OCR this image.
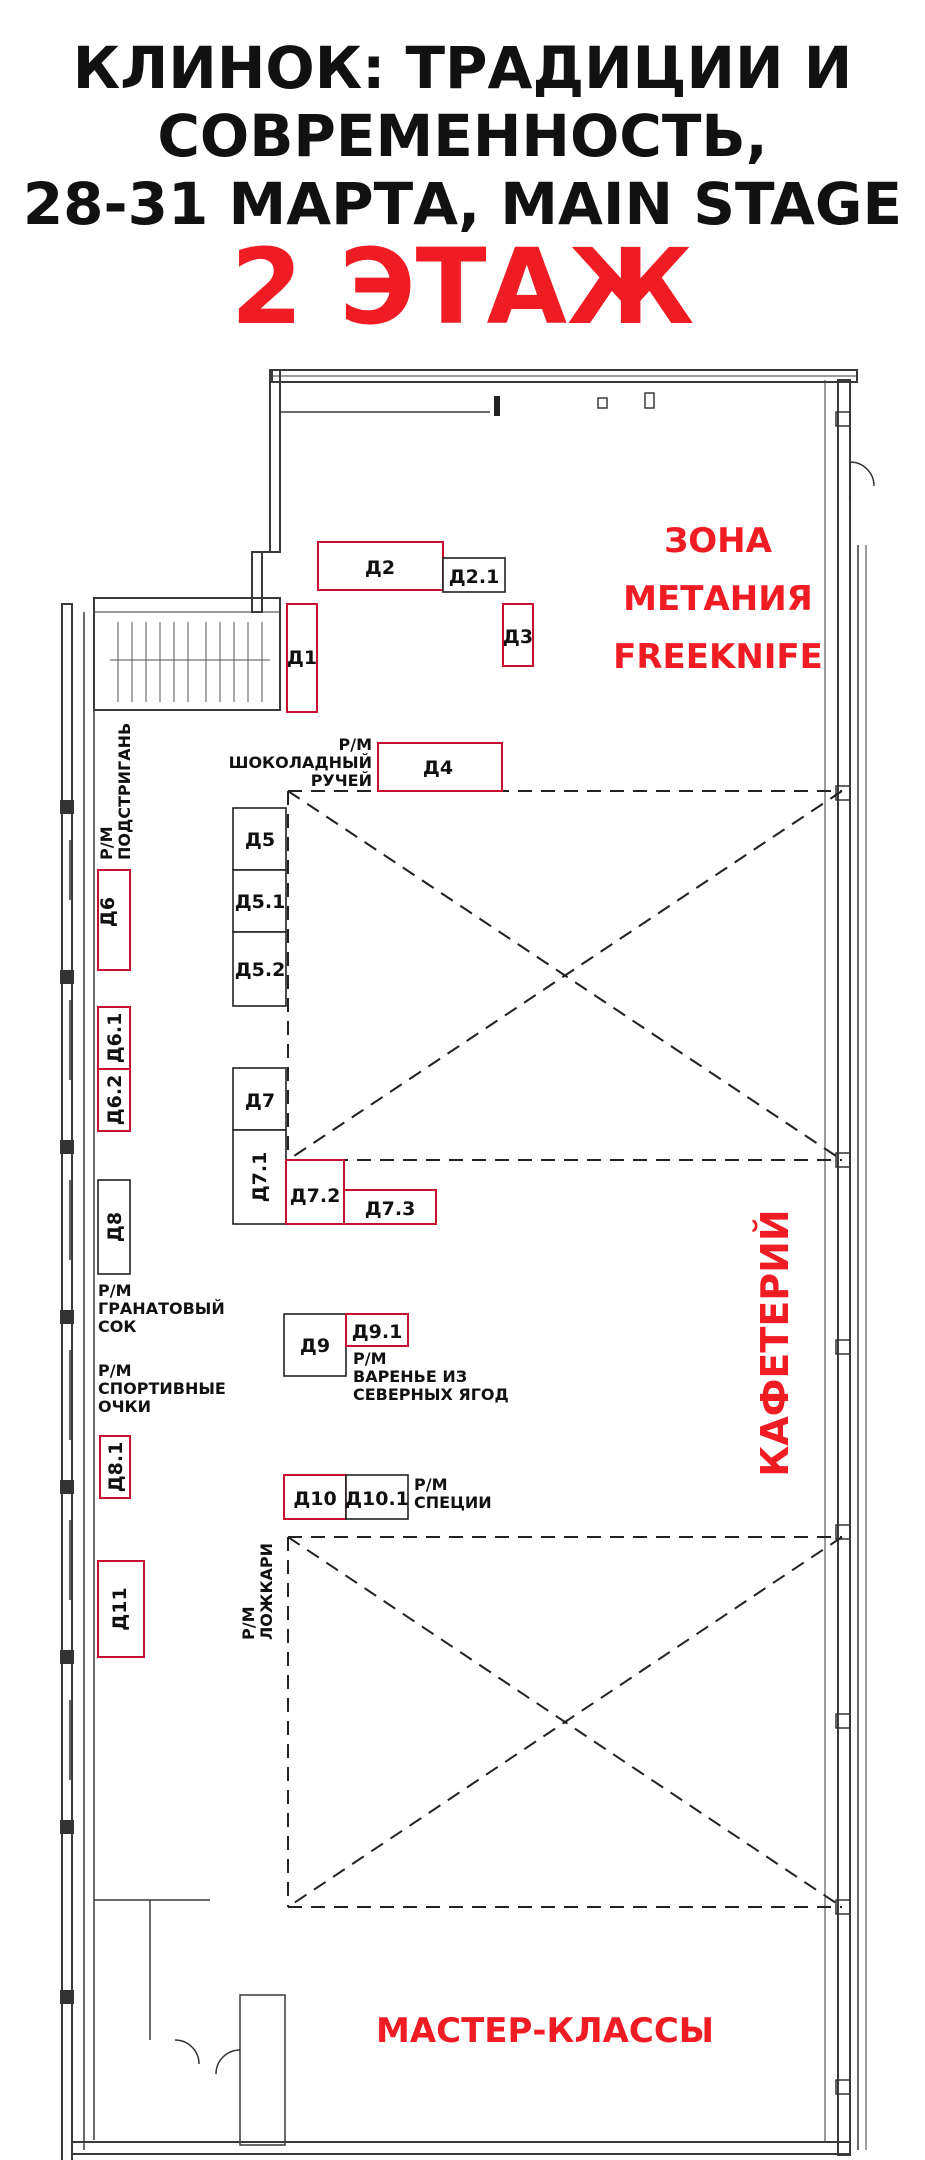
КЛИНОК: ТРАДИЦИИ И
СОВРЕМЕННОСТЬ,
28-31 МАРТА, MAIN STAGE
2 ЭТАЖ
Д1
Д2	Д2.1
Д3
Д4
Д5
Д5.1
Д5.2
Д6
Д6.1
Д6.2	Д7
Д7.1 Д7.2
Д7.3
Д8
Д8.1
Д9
Д9.1
Д10 Д10.1
Д11
Р/М
ШОКОЛАДНЫЙ
РУЧЕЙ
Р/М ПОДСТРИГАНЬ
Р/М
ГРАНАТОВЫЙ
СОК
Р/М
СПОРТИВНЫЕ
ОЧКИ
Р/М
ВАРЕНЬЕ ИЗ
СЕВЕРНЫХ ЯГОД
Р/М
СПЕЦИИ
Р/М ЛОЖКАРИ
ЗОНА
МЕТАНИЯ
FREEKNIFE
КАФЕТЕРИЙ
МАСТЕР-КЛАССЫ
